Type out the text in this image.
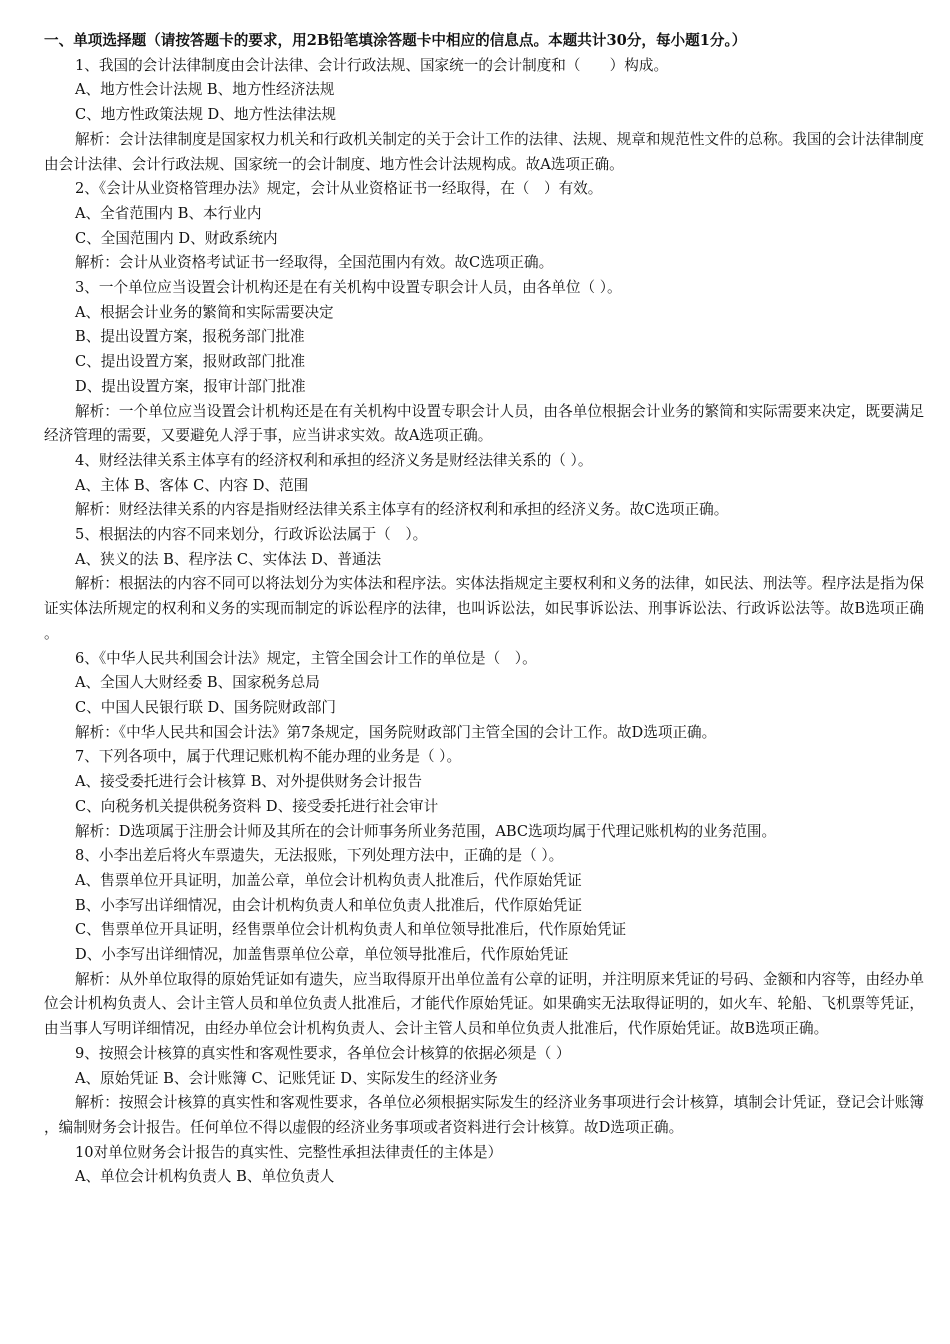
一、单项选择题（请按答题卡的要求，用2B铅笔填涂答题卡中相应的信息点。本题共计30分，每小题1分。）
1、我国的会计法律制度由会计法律、会计行政法规、国家统一的会计制度和（　　）构成。
A、地方性会计法规 B、地方性经济法规
C、地方性政策法规 D、地方性法律法规
解析：会计法律制度是国家权力机关和行政机关制定的关于会计工作的法律、法规、规章和规范性文件的总称。我国的会计法律制度由会计法律、会计行政法规、国家统一的会计制度、地方性会计法规构成。故A选项正确。
2、《会计从业资格管理办法》规定，会计从业资格证书一经取得，在（　）有效。
A、全省范围内 B、本行业内
C、全国范围内 D、财政系统内
解析：会计从业资格考试证书一经取得，全国范围内有效。故C选项正确。
3、一个单位应当设置会计机构还是在有关机构中设置专职会计人员，由各单位（ ）。
A、根据会计业务的繁简和实际需要决定
B、提出设置方案，报税务部门批准
C、提出设置方案，报财政部门批准
D、提出设置方案，报审计部门批准
解析：一个单位应当设置会计机构还是在有关机构中设置专职会计人员，由各单位根据会计业务的繁简和实际需要来决定，既要满足经济管理的需要，又要避免人浮于事，应当讲求实效。故A选项正确。
4、财经法律关系主体享有的经济权利和承担的经济义务是财经法律关系的（ ）。
A、主体 B、客体 C、内容 D、范围
解析：财经法律关系的内容是指财经法律关系主体享有的经济权利和承担的经济义务。故C选项正确。
5、根据法的内容不同来划分，行政诉讼法属于（　）。
A、狭义的法 B、程序法 C、实体法 D、普通法
解析：根据法的内容不同可以将法划分为实体法和程序法。实体法指规定主要权利和义务的法律，如民法、刑法等。程序法是指为保证实体法所规定的权利和义务的实现而制定的诉讼程序的法律，也叫诉讼法，如民事诉讼法、刑事诉讼法、行政诉讼法等。故B选项正确。
6、《中华人民共利国会计法》规定，主管全国会计工作的单位是（　）。
A、全国人大财经委 B、国家税务总局
C、中国人民银行联 D、国务院财政部门
解析：《中华人民共和国会计法》第7条规定，国务院财政部门主管全国的会计工作。故D选项正确。
7、下列各项中，属于代理记账机构不能办理的业务是（ ）。
A、接受委托进行会计核算 B、对外提供财务会计报告
C、向税务机关提供税务资料 D、接受委托进行社会审计
解析：D选项属于注册会计师及其所在的会计师事务所业务范围，ABC选项均属于代理记账机构的业务范围。
8、小李出差后将火车票遗失，无法报账，下列处理方法中，正确的是（ ）。
A、售票单位开具证明，加盖公章，单位会计机构负责人批准后，代作原始凭证
B、小李写出详细情况，由会计机构负责人和单位负责人批准后，代作原始凭证
C、售票单位开具证明，经售票单位会计机构负责人和单位领导批准后，代作原始凭证
D、小李写出详细情况，加盖售票单位公章，单位领导批准后，代作原始凭证
解析：从外单位取得的原始凭证如有遗失，应当取得原开出单位盖有公章的证明，并注明原来凭证的号码、金额和内容等，由经办单位会计机构负责人、会计主管人员和单位负责人批准后，才能代作原始凭证。如果确实无法取得证明的，如火车、轮船、飞机票等凭证，由当事人写明详细情况，由经办单位会计机构负责人、会计主管人员和单位负责人批准后，代作原始凭证。故B选项正确。
9、按照会计核算的真实性和客观性要求，各单位会计核算的依据必须是（ ）
A、原始凭证 B、会计账簿 C、记账凭证 D、实际发生的经济业务
解析：按照会计核算的真实性和客观性要求，各单位必须根据实际发生的经济业务事项进行会计核算，填制会计凭证，登记会计账簿，编制财务会计报告。任何单位不得以虚假的经济业务事项或者资料进行会计核算。故D选项正确。
10对单位财务会计报告的真实性、完整性承担法律责任的主体是）
A、单位会计机构负责人 B、单位负责人
